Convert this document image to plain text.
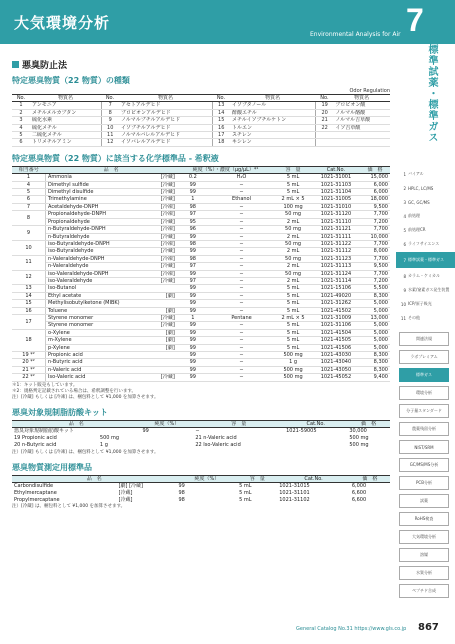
大気環境分析
Environmental Analysis for Air 7
標準試薬・標準ガス
悪臭防止法
特定悪臭物質（22 物質）の種類
Odor Regulation
No.	物質名	No.	物質名	No.	物質名	No.	物質名
1	アンモニア	7	アセトアルデヒド	13	イソブタノール	19	プロピオン酸
2	メチルメルカプタン	8	プロピオンアルデヒド	14	酢酸エチル	20	ノルマル酪酸
3	硫化水素	9	ノルマルブチルアルデヒド	15	メチルイソブチルケトン	21	ノルマル吉草酸
4	硫化メチル	10	イソブチルアルデヒド	16	トルエン	22	イソ吉草酸
5	二硫化メチル	11	ノルマルバレルアルデヒド	17	スチレン		
6	トリメチルアミン	12	イソバレルアルデヒド	18	キシレン		
特定悪臭物質（22 物質）に該当する化学標準品 - 希釈液
相当番号	品　名		純度（%）・濃度（μg/μL）*¹		容　量	Cat.No.	価　格
1	Ammonia	[冷蔵]	0.2	H₂O	5 mL	1021-31001	15,000
4	Dimethyl sulfide	[冷蔵]	99	−	5 mL	1021-31103	6,000
5	Dimethyl disulfide	[冷蔵]	99	−	5 mL	1021-31104	6,000
6	Trimethylamine	[冷蔵]	1	Ethanol	2 mL × 5	1021-31005	18,000
7	Acetaldehyde-DNPH	[冷凍]	98	−	100 mg	1021-31010	9,500
8	Propionaldehyde-DNPH	[冷凍]	97	−	50 mg	1021-31120	7,700
	Propionaldehyde	[冷蔵]	95	−	2 mL	1021-31110	7,200
9	n-Butyraldehyde-DNPH	[冷凍]	96	−	50 mg	1021-31121	7,700
	n-Butyraldehyde	[冷蔵]	99	−	2 mL	1021-31111	10,000
10	iso-Butyraldehyde-DNPH	[冷凍]	98	−	50 mg	1021-31122	7,700
	iso-Butyraldehyde	[冷蔵]	99	−	2 mL	1021-31112	8,000
11	n-Valeraldehyde-DNPH	[冷凍]	98	−	50 mg	1021-31123	7,700
	n-Valeraldehyde	[冷蔵]	97	−	2 mL	1021-31113	9,500
12	iso-Valeraldehyde-DNPH	[冷凍]	99	−	50 mg	1021-31124	7,700
	iso-Valeraldehyde	[冷蔵]	97	−	2 mL	1021-31114	7,200
13	Iso-Butanol		99	−	5 mL	1021-15106	5,500
14	Ethyl acetate	[劇]	99	−	5 mL	1021-49020	8,300
15	Methylisobutylketone (MIBK)		99	−	5 mL	1021-31262	5,000
16	Toluene	[劇]	99	−	5 mL	1021-41502	5,000
17	Styrene monomer	[冷蔵]	1	Pentane	2 mL × 5	1021-31009	13,000
	Styrene monomer	[冷蔵]	99	−	5 mL	1021-31106	5,000
18	o-Xylene	[劇]	99	−	5 mL	1021-41504	5,000
	m-Xylene	[劇]	99	−	5 mL	1021-41505	5,000
	p-Xylene	[劇]	99	−	5 mL	1021-41506	5,000
19 *²	Propionic acid		99	−	500 mg	1021-43030	8,300
20 *²	n-Butyric acid		99	−	1 g	1021-43040	8,300
21 *²	n-Valeric acid		99	−	500 mg	1021-43050	8,300
22 *²	Iso-Valeric acid	[冷蔵]	99	−	500 mg	1021-45052	9,400
＊1：キット販売もしています。
＊2：規格判定記載されている場合は、希釈調整を行います。
注）[冷蔵] もしくは [冷凍] は、梱包料として ¥1,000 を加算させます。
悪臭対象規制脂肪酸キット
品　名		純度（%）	容　量	Cat.No.	価　格
悪臭対象規制脂肪酸キット		99	−	1021-59005	30,000
19 Propionic acid	500 mg		21 n-Valeric acid		500 mg
20 n-Butyric acid	1 g		22 Iso-Valeric acid		500 mg
注）[冷蔵] もしくは [冷凍] は、梱包料として ¥1,000 を加算させます。
悪臭物質測定用標準品
品　名		純度（%）	容　量	Cat.No.	価　格
Carbondisulfide	[劇] [冷蔵]	99	5 mL	1021-31015	6,000
Ethylmercaptane	[冷蔵]	98	5 mL	1021-31101	6,600
Propylmercaptane	[冷蔵]	98	5 mL	1021-31102	6,600
注）[冷蔵] は、梱包料として ¥1,000 を加算させます。
1 バイアル
2 HPLC, LC/MS
3 GC, GC/MS
4 前処理
5 前処理CR
6 ライフサイエンス
7 標準試薬・標準ガス
8 カラム・ケミカル
9 水素/窒素ガス発生装置
10 ICP/原子吸光
11 その他
関連法規
ラボプレミアム
標準ガス
環境分析
分子量スタンダード
農薬残留分析
NIST/SRM
GC/MS/MS分析
PCB分析
試薬
RoHS検査
大気環境分析
溶媒
水質分析
ペプチド合成
General Catalog No.31 https://www.gls.co.jp 867
